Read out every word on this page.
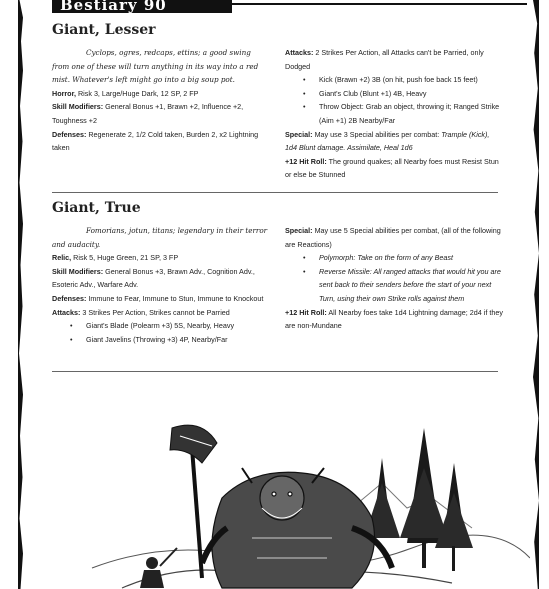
Bestiary 90
Giant, Lesser

Cyclops, ogres, redcaps, ettins; a good swing from one of these will turn anything in its way into a red mist. Whatever's left might go into a big soup pot.

Horror, Risk 3, Large/Huge Dark, 12 SP, 2 FP

Skill Modifiers: General Bonus +1, Brawn +2, Influence +2, Toughness +2

Defenses: Regenerate 2, 1/2 Cold taken, Burden 2, x2 Lightning taken

Attacks: 2 Strikes Per Action, all Attacks can't be Parried, only Dodged

• Kick (Brawn +2) 3B (on hit, push foe back 15 feet)
• Giant's Club (Blunt +1) 4B, Heavy
• Throw Object: Grab an object, throwing it; Ranged Strike (Aim +1) 2B Nearby/Far

Special: May use 3 Special abilities per combat: Trample (Kick), 1d4 Blunt damage. Assimilate, Heal 1d6

+12 Hit Roll: The ground quakes; all Nearby foes must Resist Stun or else be Stunned

Giant, True

Fomorians, jotun, titans; legendary in their terror and audacity.

Relic, Risk 5, Huge Green, 21 SP, 3 FP

Skill Modifiers: General Bonus +3, Brawn Adv., Cognition Adv., Esoteric Adv., Warfare Adv.

Defenses: Immune to Fear, Immune to Stun, Immune to Knockout

Attacks: 3 Strikes Per Action, Strikes cannot be Parried

• Giant's Blade (Polearm +3) 5S, Nearby, Heavy
• Giant Javelins (Throwing +3) 4P, Nearby/Far

Special: May use 5 Special abilities per combat, (all of the following are Reactions)

• Polymorph: Take on the form of any Beast
• Reverse Missile: All ranged attacks that would hit you are sent back to their senders before the start of your next Turn, using their own Strike rolls against them

+12 Hit Roll: All Nearby foes take 1d4 Lightning damage; 2d4 if they are non-Mundane
